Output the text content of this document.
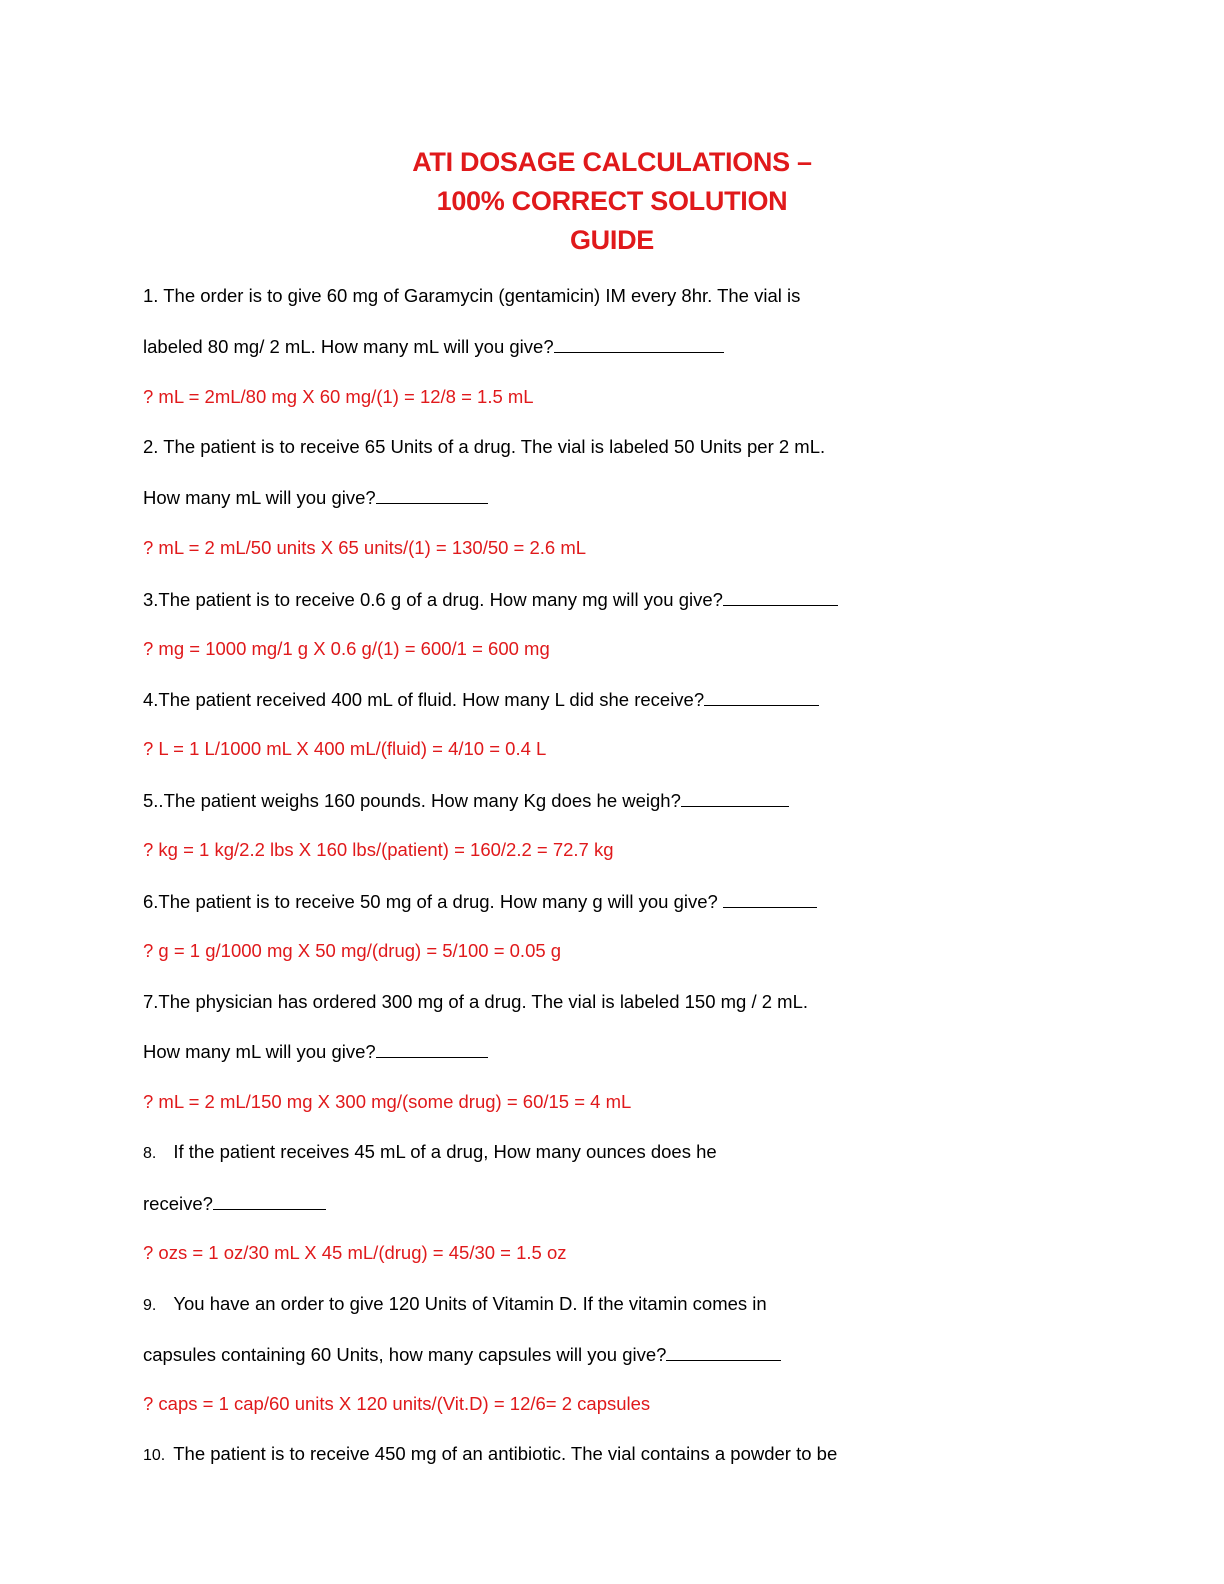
ATI DOSAGE CALCULATIONS –
100% CORRECT SOLUTION
GUIDE
1. The order is to give 60 mg of Garamycin (gentamicin) IM every 8hr. The vial is
labeled 80 mg/ 2 mL. How many mL will you give?
? mL = 2mL/80 mg X 60 mg/(1) = 12/8 = 1.5 mL
2. The patient is to receive 65 Units of a drug. The vial is labeled 50 Units per 2 mL.
How many mL will you give?
? mL = 2 mL/50 units X 65 units/(1) = 130/50 = 2.6 mL
3.The patient is to receive 0.6 g of a drug. How many mg will you give?
? mg = 1000 mg/1 g X 0.6 g/(1) = 600/1 = 600 mg
4.The patient received 400 mL of fluid. How many L did she receive?
? L = 1 L/1000 mL X 400 mL/(fluid) = 4/10 = 0.4 L
5..The patient weighs 160 pounds. How many Kg does he weigh?
? kg = 1 kg/2.2 lbs X 160 lbs/(patient) = 160/2.2 = 72.7 kg
6.The patient is to receive 50 mg of a drug. How many g will you give?
? g = 1 g/1000 mg X 50 mg/(drug) = 5/100 = 0.05 g
7.The physician has ordered 300 mg of a drug. The vial is labeled 150 mg / 2 mL.
How many mL will you give?
? mL = 2 mL/150 mg X 300 mg/(some drug) = 60/15 = 4 mL
8. If the patient receives 45 mL of a drug, How many ounces does he
receive?
? ozs = 1 oz/30 mL X 45 mL/(drug) = 45/30 = 1.5 oz
9. You have an order to give 120 Units of Vitamin D. If the vitamin comes in
capsules containing 60 Units, how many capsules will you give?
? caps = 1 cap/60 units X 120 units/(Vit.D) = 12/6= 2 capsules
10. The patient is to receive 450 mg of an antibiotic. The vial contains a powder to be
